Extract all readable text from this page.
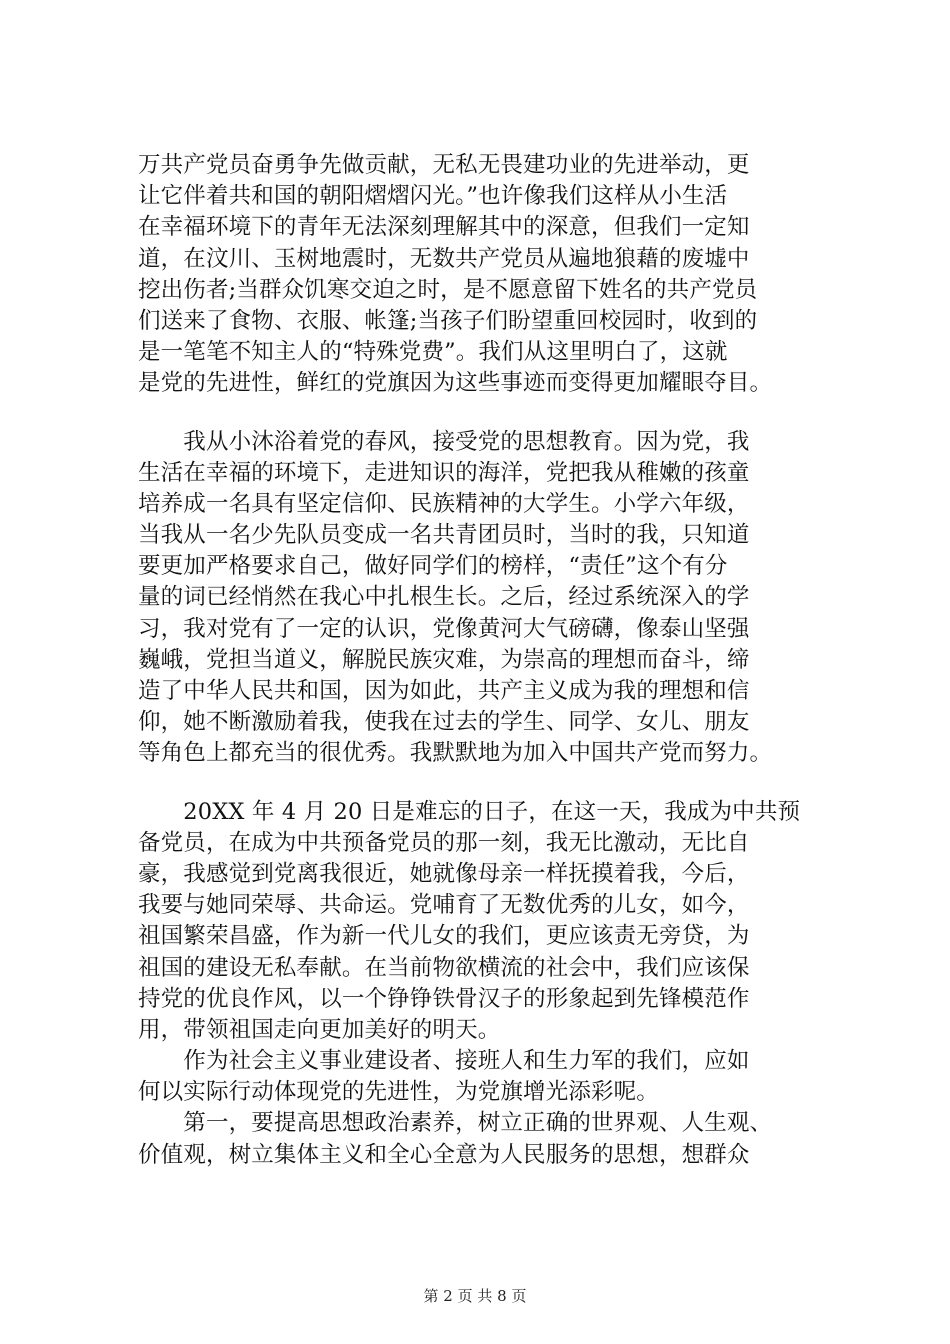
万共产党员奋勇争先做贡献，无私无畏建功业的先进举动，更
让它伴着共和国的朝阳熠熠闪光。”也许像我们这样从小生活
在幸福环境下的青年无法深刻理解其中的深意，但我们一定知
道，在汶川、玉树地震时，无数共产党员从遍地狼藉的废墟中
挖出伤者;当群众饥寒交迫之时，是不愿意留下姓名的共产党员
们送来了食物、衣服、帐篷;当孩子们盼望重回校园时，收到的
是一笔笔不知主人的“特殊党费”。我们从这里明白了，这就
是党的先进性，鲜红的党旗因为这些事迹而变得更加耀眼夺目。
　　我从小沐浴着党的春风，接受党的思想教育。因为党，我
生活在幸福的环境下，走进知识的海洋，党把我从稚嫩的孩童
培养成一名具有坚定信仰、民族精神的大学生。小学六年级，
当我从一名少先队员变成一名共青团员时，当时的我，只知道
要更加严格要求自己，做好同学们的榜样，“责任”这个有分
量的词已经悄然在我心中扎根生长。之后，经过系统深入的学
习，我对党有了一定的认识，党像黄河大气磅礴，像泰山坚强
巍峨，党担当道义，解脱民族灾难，为崇高的理想而奋斗，缔
造了中华人民共和国，因为如此，共产主义成为我的理想和信
仰，她不断激励着我，使我在过去的学生、同学、女儿、朋友
等角色上都充当的很优秀。我默默地为加入中国共产党而努力。
　　20XX 年 4 月 20 日是难忘的日子，在这一天，我成为中共预
备党员，在成为中共预备党员的那一刻，我无比激动，无比自
豪，我感觉到党离我很近，她就像母亲一样抚摸着我，今后，
我要与她同荣辱、共命运。党哺育了无数优秀的儿女，如今，
祖国繁荣昌盛，作为新一代儿女的我们，更应该责无旁贷，为
祖国的建设无私奉献。在当前物欲横流的社会中，我们应该保
持党的优良作风，以一个铮铮铁骨汉子的形象起到先锋模范作
用，带领祖国走向更加美好的明天。
　　作为社会主义事业建设者、接班人和生力军的我们，应如
何以实际行动体现党的先进性，为党旗增光添彩呢。
　　第一，要提高思想政治素养，树立正确的世界观、人生观、
价值观，树立集体主义和全心全意为人民服务的思想，想群众
第 2 页 共 8 页
